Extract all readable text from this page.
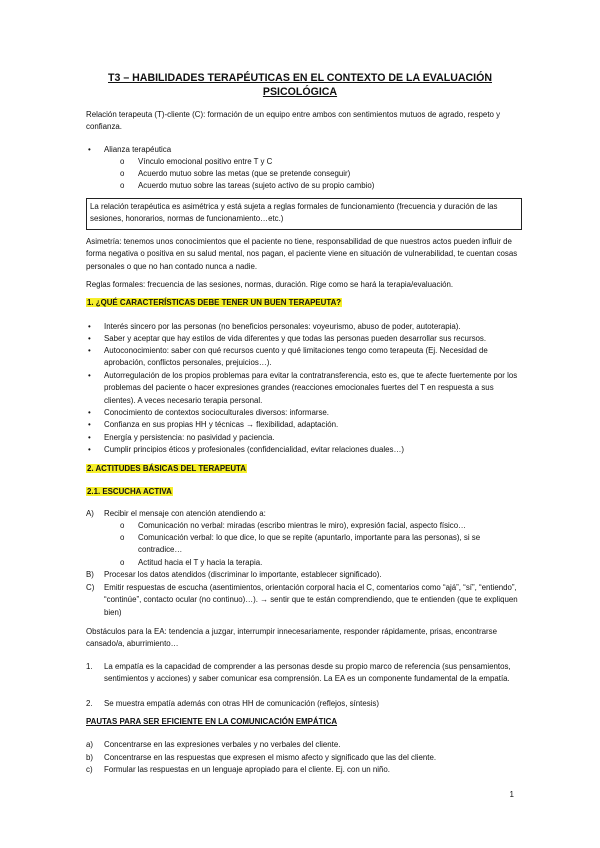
T3 – HABILIDADES TERAPÉUTICAS EN EL CONTEXTO DE LA EVALUACIÓN PSICOLÓGICA
Relación terapeuta (T)-cliente (C): formación de un equipo entre ambos con sentimientos mutuos de agrado, respeto y confianza.
• Alianza terapéutica
o Vínculo emocional positivo entre T y C
o Acuerdo mutuo sobre las metas (que se pretende conseguir)
o Acuerdo mutuo sobre las tareas (sujeto activo de su propio cambio)
La relación terapéutica es asimétrica y está sujeta a reglas formales de funcionamiento (frecuencia y duración de las sesiones, honorarios, normas de funcionamiento…etc.)
Asimetría: tenemos unos conocimientos que el paciente no tiene, responsabilidad de que nuestros actos pueden influir de forma negativa o positiva en su salud mental, nos pagan, el paciente viene en situación de vulnerabilidad, te cuentan cosas personales o que no han contado nunca a nadie.
Reglas formales: frecuencia de las sesiones, normas, duración. Rige como se hará la terapia/evaluación.
1. ¿QUÉ CARACTERÍSTICAS DEBE TENER UN BUEN TERAPEUTA?
• Interés sincero por las personas (no beneficios personales: voyeurismo, abuso de poder, autoterapia).
• Saber y aceptar que hay estilos de vida diferentes y que todas las personas pueden desarrollar sus recursos.
• Autoconocimiento: saber con qué recursos cuento y qué limitaciones tengo como terapeuta (Ej. Necesidad de aprobación, conflictos personales, prejuicios…).
• Autorregulación de los propios problemas para evitar la contratransferencia, esto es, que te afecte fuertemente por los problemas del paciente o hacer expresiones grandes (reacciones emocionales fuertes del T en respuesta a sus clientes). A veces necesario terapia personal.
• Conocimiento de contextos socioculturales diversos: informarse.
• Confianza en sus propias HH y técnicas → flexibilidad, adaptación.
• Energía y persistencia: no pasividad y paciencia.
• Cumplir principios éticos y profesionales (confidencialidad, evitar relaciones duales…)
2. ACTITUDES BÁSICAS DEL TERAPEUTA
2.1. ESCUCHA ACTIVA
A) Recibir el mensaje con atención atendiendo a:
o Comunicación no verbal: miradas (escribo mientras le miro), expresión facial, aspecto físico…
o Comunicación verbal: lo que dice, lo que se repite (apuntarlo, importante para las personas), si se contradice…
o Actitud hacia el T y hacia la terapia.
B) Procesar los datos atendidos (discriminar lo importante, establecer significado).
C) Emitir respuestas de escucha (asentimientos, orientación corporal hacia el C, comentarios como “ajá”, “sí”, “entiendo”, “continúe”, contacto ocular (no continuo)…). → sentir que te están comprendiendo, que te entienden (que te expliquen bien)
Obstáculos para la EA: tendencia a juzgar, interrumpir innecesariamente, responder rápidamente, prisas, encontrarse cansado/a, aburrimiento…
1. La empatía es la capacidad de comprender a las personas desde su propio marco de referencia (sus pensamientos, sentimientos y acciones) y saber comunicar esa comprensión. La EA es un componente fundamental de la empatía.
2. Se muestra empatía además con otras HH de comunicación (reflejos, síntesis)
PAUTAS PARA SER EFICIENTE EN LA COMUNICACIÓN EMPÁTICA
a) Concentrarse en las expresiones verbales y no verbales del cliente.
b) Concentrarse en las respuestas que expresen el mismo afecto y significado que las del cliente.
c) Formular las respuestas en un lenguaje apropiado para el cliente. Ej. con un niño.
1
